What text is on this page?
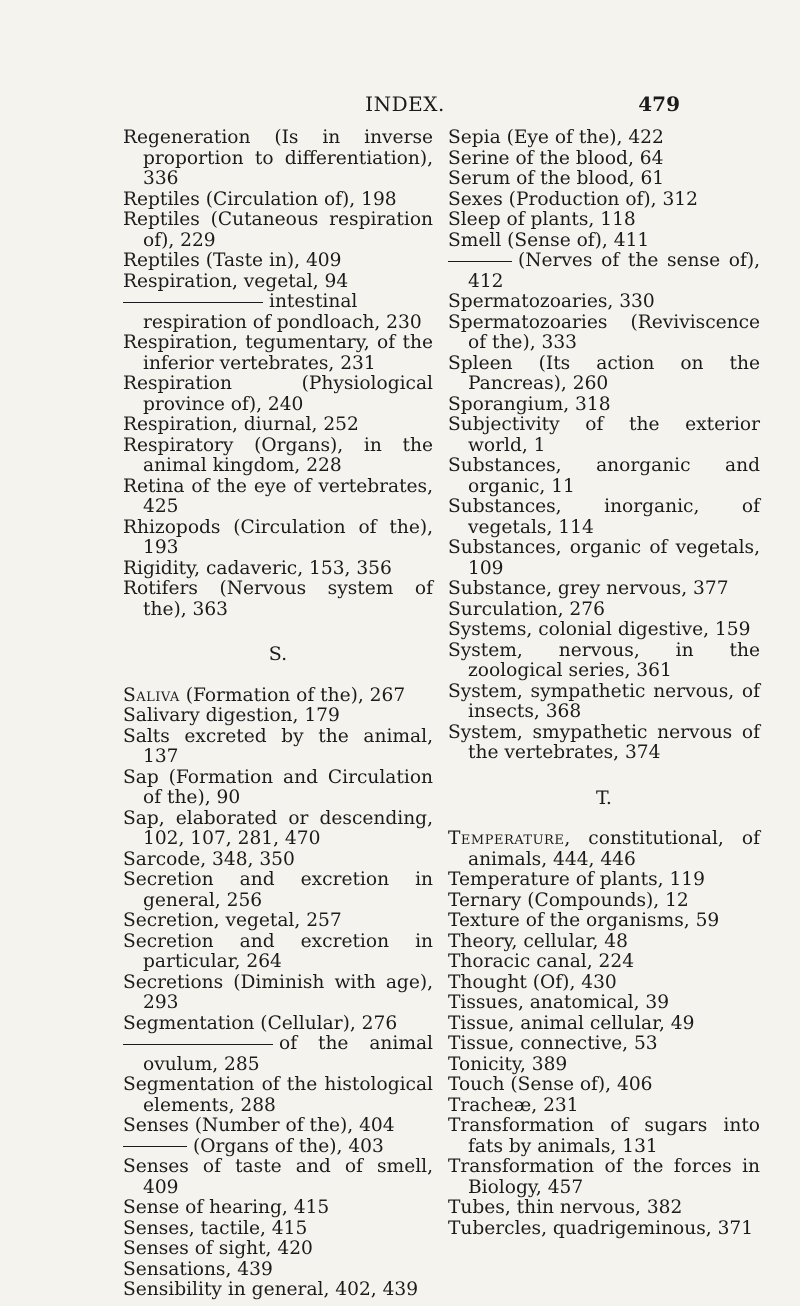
INDEX.	479

Regeneration (Is in inverse proportion to differentiation), 336

Reptiles (Circulation of), 198

Reptiles (Cutaneous respiration of), 229

Reptiles (Taste in), 409

Respiration, vegetal, 94

intestinal respiration of pondloach, 230

Respiration, tegumentary, of the inferior vertebrates, 231

Respiration (Physiological province of), 240

Respiration, diurnal, 252

Respiratory (Organs), in the animal kingdom, 228

Retina of the eye of vertebrates, 425

Rhizopods (Circulation of the), 193

Rigidity, cadaveric, 153, 356

Rotifers (Nervous system of the), 363

S.

Saliva (Formation of the), 267

Salivary digestion, 179

Salts excreted by the animal, 137

Sap (Formation and Circulation of the), 90

Sap, elaborated or descending, 102, 107, 281, 470

Sarcode, 348, 350

Secretion and excretion in general, 256

Secretion, vegetal, 257

Secretion and excretion in particular, 264

Secretions (Diminish with age), 293

Segmentation (Cellular), 276

of the animal ovulum, 285

Segmentation of the histological elements, 288

Senses (Number of the), 404

(Organs of the), 403

Senses of taste and of smell, 409

Sense of hearing, 415

Senses, tactile, 415

Senses of sight, 420

Sensations, 439

Sensibility in general, 402, 439

Sepia (Eye of the), 422

Serine of the blood, 64

Serum of the blood, 61

Sexes (Production of), 312

Sleep of plants, 118

Smell (Sense of), 411

(Nerves of the sense of), 412

Spermatozoaries, 330

Spermatozoaries (Reviviscence of the), 333

Spleen (Its action on the Pancreas), 260

Sporangium, 318

Subjectivity of the exterior world, 1

Substances, anorganic and organic, 11

Substances, inorganic, of vegetals, 114

Substances, organic of vegetals, 109

Substance, grey nervous, 377

Surculation, 276

Systems, colonial digestive, 159

System, nervous, in the zoological series, 361

System, sympathetic nervous, of insects, 368

System, smypathetic nervous of the vertebrates, 374

T.

Temperature, constitutional, of animals, 444, 446

Temperature of plants, 119

Ternary (Compounds), 12

Texture of the organisms, 59

Theory, cellular, 48

Thoracic canal, 224

Thought (Of), 430

Tissues, anatomical, 39

Tissue, animal cellular, 49

Tissue, connective, 53

Tonicity, 389

Touch (Sense of), 406

Tracheæ, 231

Transformation of sugars into fats by animals, 131

Transformation of the forces in Biology, 457

Tubes, thin nervous, 382

Tubercles, quadrigeminous, 371
